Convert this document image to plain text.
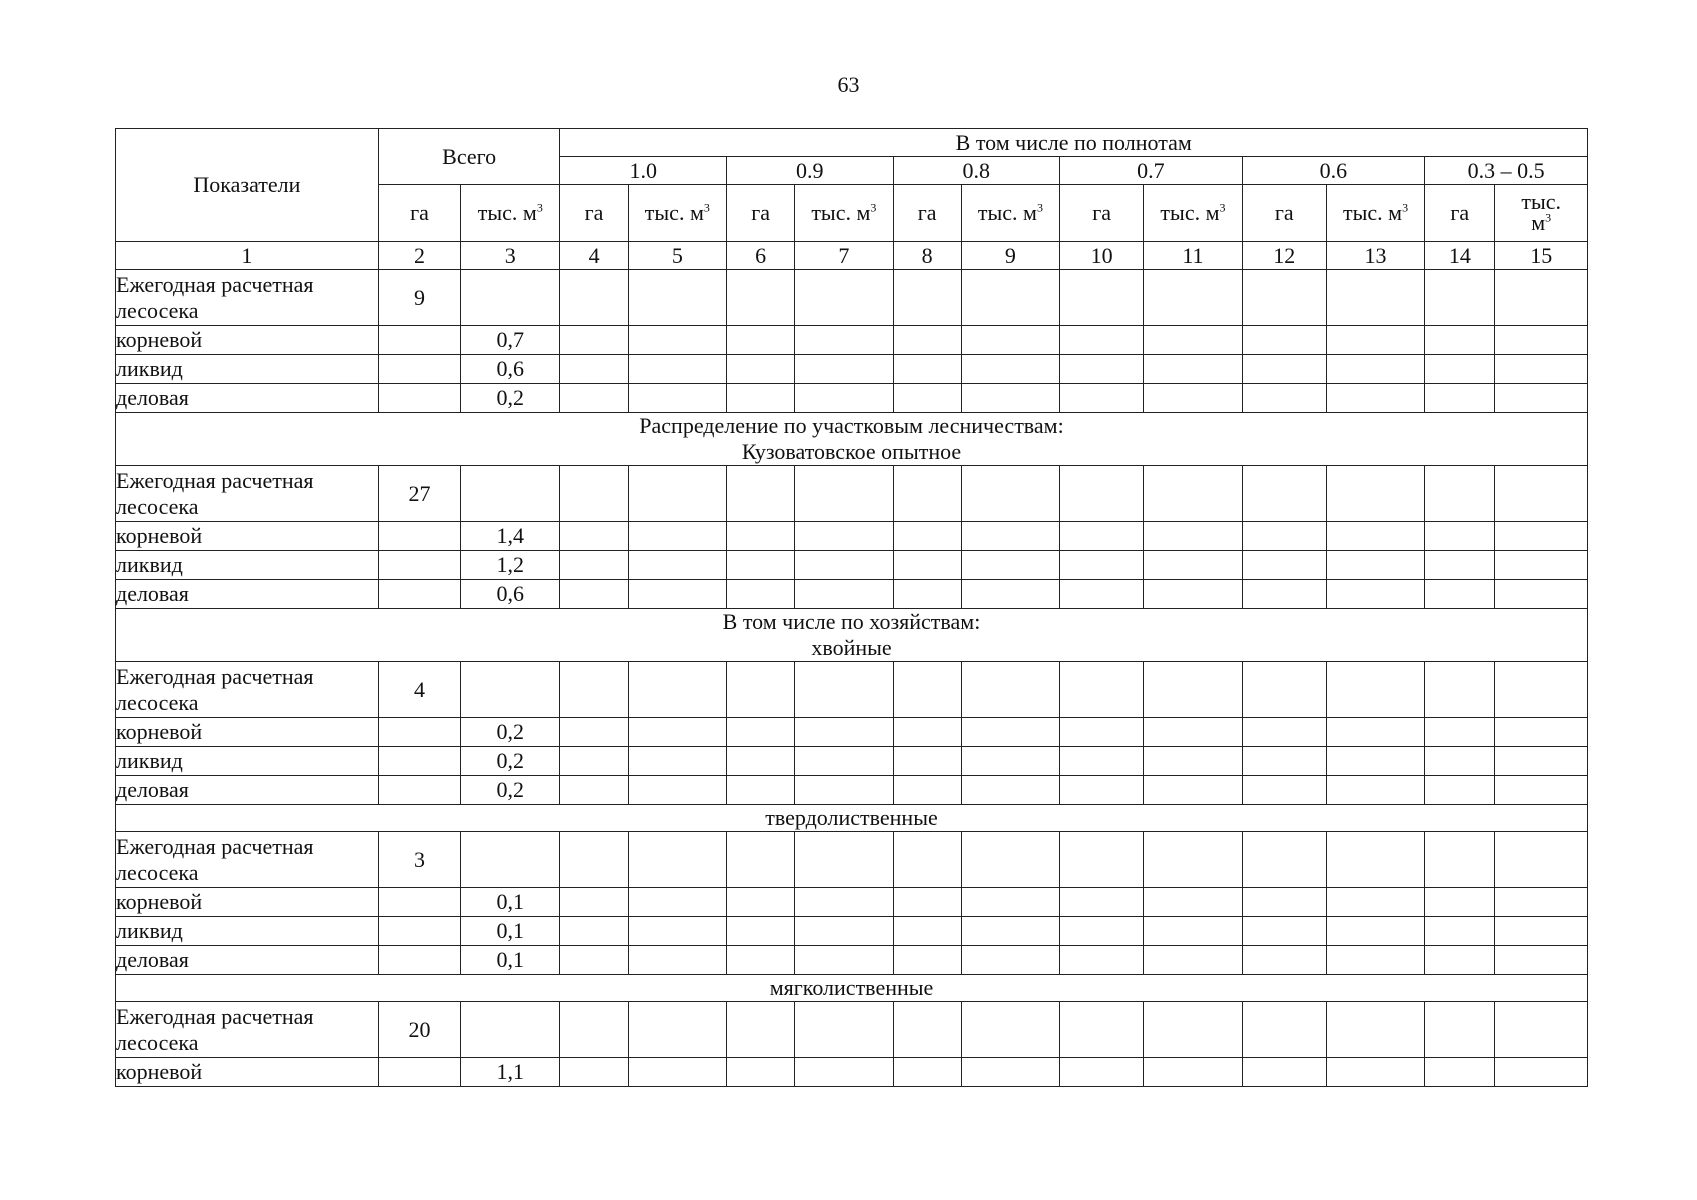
63
Показатели	Всего		В том числе по полнотам											
			1.0		0.9		0.8		0.7		0.6		0.3 – 0.5	
	га	тыс. $м^3$	га	тыс. $м^3$	га	тыс. $м^3$	га	тыс. $м^3$	га	тыс. $м^3$	га	тыс. $м^3$	га	тыс.
$м^3$
1	2	3	4	5	6	7	8	9	10	11	12	13	14	15
Ежегодная расчетная лесосека	9													
корневой		0,7												
ликвид		0,6												
деловая		0,2												
Распределение по участковым лесничествам:
Кузоватовское опытное														
Ежегодная расчетная лесосека	27													
корневой		1,4												
ликвид		1,2												
деловая		0,6												
В том числе по хозяйствам:
хвойные														
Ежегодная расчетная лесосека	4													
корневой		0,2												
ликвид		0,2												
деловая		0,2												
твердолиственные														
Ежегодная расчетная лесосека	3													
корневой		0,1												
ликвид		0,1												
деловая		0,1												
мягколиственные														
Ежегодная расчетная лесосека	20													
корневой		1,1												
